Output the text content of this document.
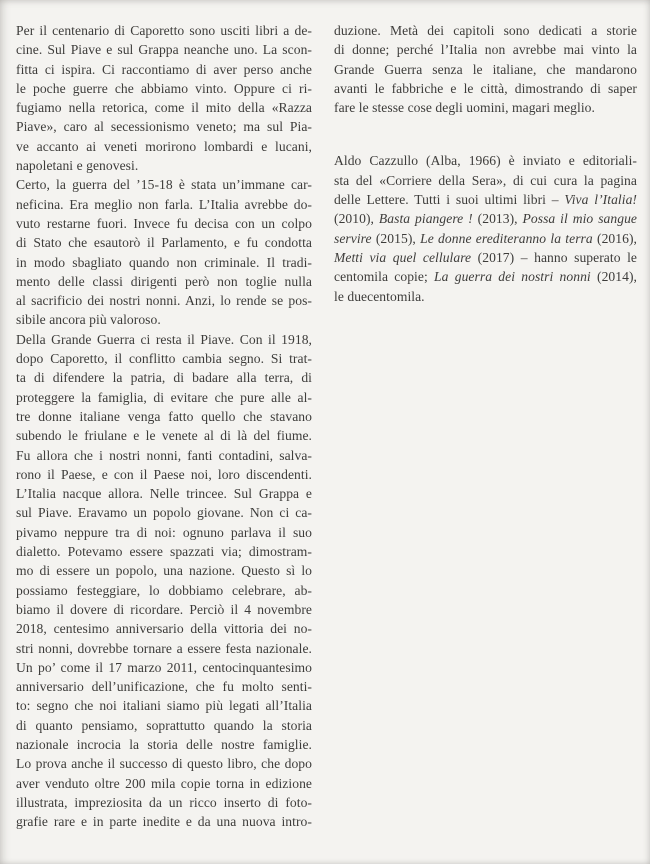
Per il centenario di Caporetto sono usciti libri a de-
cine. Sul Piave e sul Grappa neanche uno. La scon-
fitta ci ispira. Ci raccontiamo di aver perso anche
le poche guerre che abbiamo vinto. Oppure ci ri-
fugiamo nella retorica, come il mito della «Razza
Piave», caro al secessionismo veneto; ma sul Pia-
ve accanto ai veneti morirono lombardi e lucani,
napoletani e genovesi.
Certo, la guerra del ’15-18 è stata un’immane car-
neficina. Era meglio non farla. L’Italia avrebbe do-
vuto restarne fuori. Invece fu decisa con un colpo
di Stato che esautorò il Parlamento, e fu condotta
in modo sbagliato quando non criminale. Il tradi-
mento delle classi dirigenti però non toglie nulla
al sacrificio dei nostri nonni. Anzi, lo rende se pos-
sibile ancora più valoroso.
Della Grande Guerra ci resta il Piave. Con il 1918,
dopo Caporetto, il conflitto cambia segno. Si trat-
ta di difendere la patria, di badare alla terra, di
proteggere la famiglia, di evitare che pure alle al-
tre donne italiane venga fatto quello che stavano
subendo le friulane e le venete al di là del fiume.
Fu allora che i nostri nonni, fanti contadini, salva-
rono il Paese, e con il Paese noi, loro discendenti.
L’Italia nacque allora. Nelle trincee. Sul Grappa e
sul Piave. Eravamo un popolo giovane. Non ci ca-
pivamo neppure tra di noi: ognuno parlava il suo
dialetto. Potevamo essere spazzati via; dimostram-
mo di essere un popolo, una nazione. Questo sì lo
possiamo festeggiare, lo dobbiamo celebrare, ab-
biamo il dovere di ricordare. Perciò il 4 novembre
2018, centesimo anniversario della vittoria dei no-
stri nonni, dovrebbe tornare a essere festa nazionale.
Un po’ come il 17 marzo 2011, centocinquantesimo
anniversario dell’unificazione, che fu molto senti-
to: segno che noi italiani siamo più legati all’Italia
di quanto pensiamo, soprattutto quando la storia
nazionale incrocia la storia delle nostre famiglie.
Lo prova anche il successo di questo libro, che dopo
aver venduto oltre 200 mila copie torna in edizione
illustrata, impreziosita da un ricco inserto di foto-
grafie rare e in parte inedite e da una nuova intro-
duzione. Metà dei capitoli sono dedicati a storie
di donne; perché l’Italia non avrebbe mai vinto la
Grande Guerra senza le italiane, che mandarono
avanti le fabbriche e le città, dimostrando di saper
fare le stesse cose degli uomini, magari meglio.
Aldo Cazzullo (Alba, 1966) è inviato e editoriali-
sta del «Corriere della Sera», di cui cura la pagina
delle Lettere. Tutti i suoi ultimi libri – Viva l’Italia!
(2010), Basta piangere ! (2013), Possa il mio sangue
servire (2015), Le donne erediteranno la terra (2016),
Metti via quel cellulare (2017) – hanno superato le
centomila copie; La guerra dei nostri nonni (2014),
le duecentomila.
